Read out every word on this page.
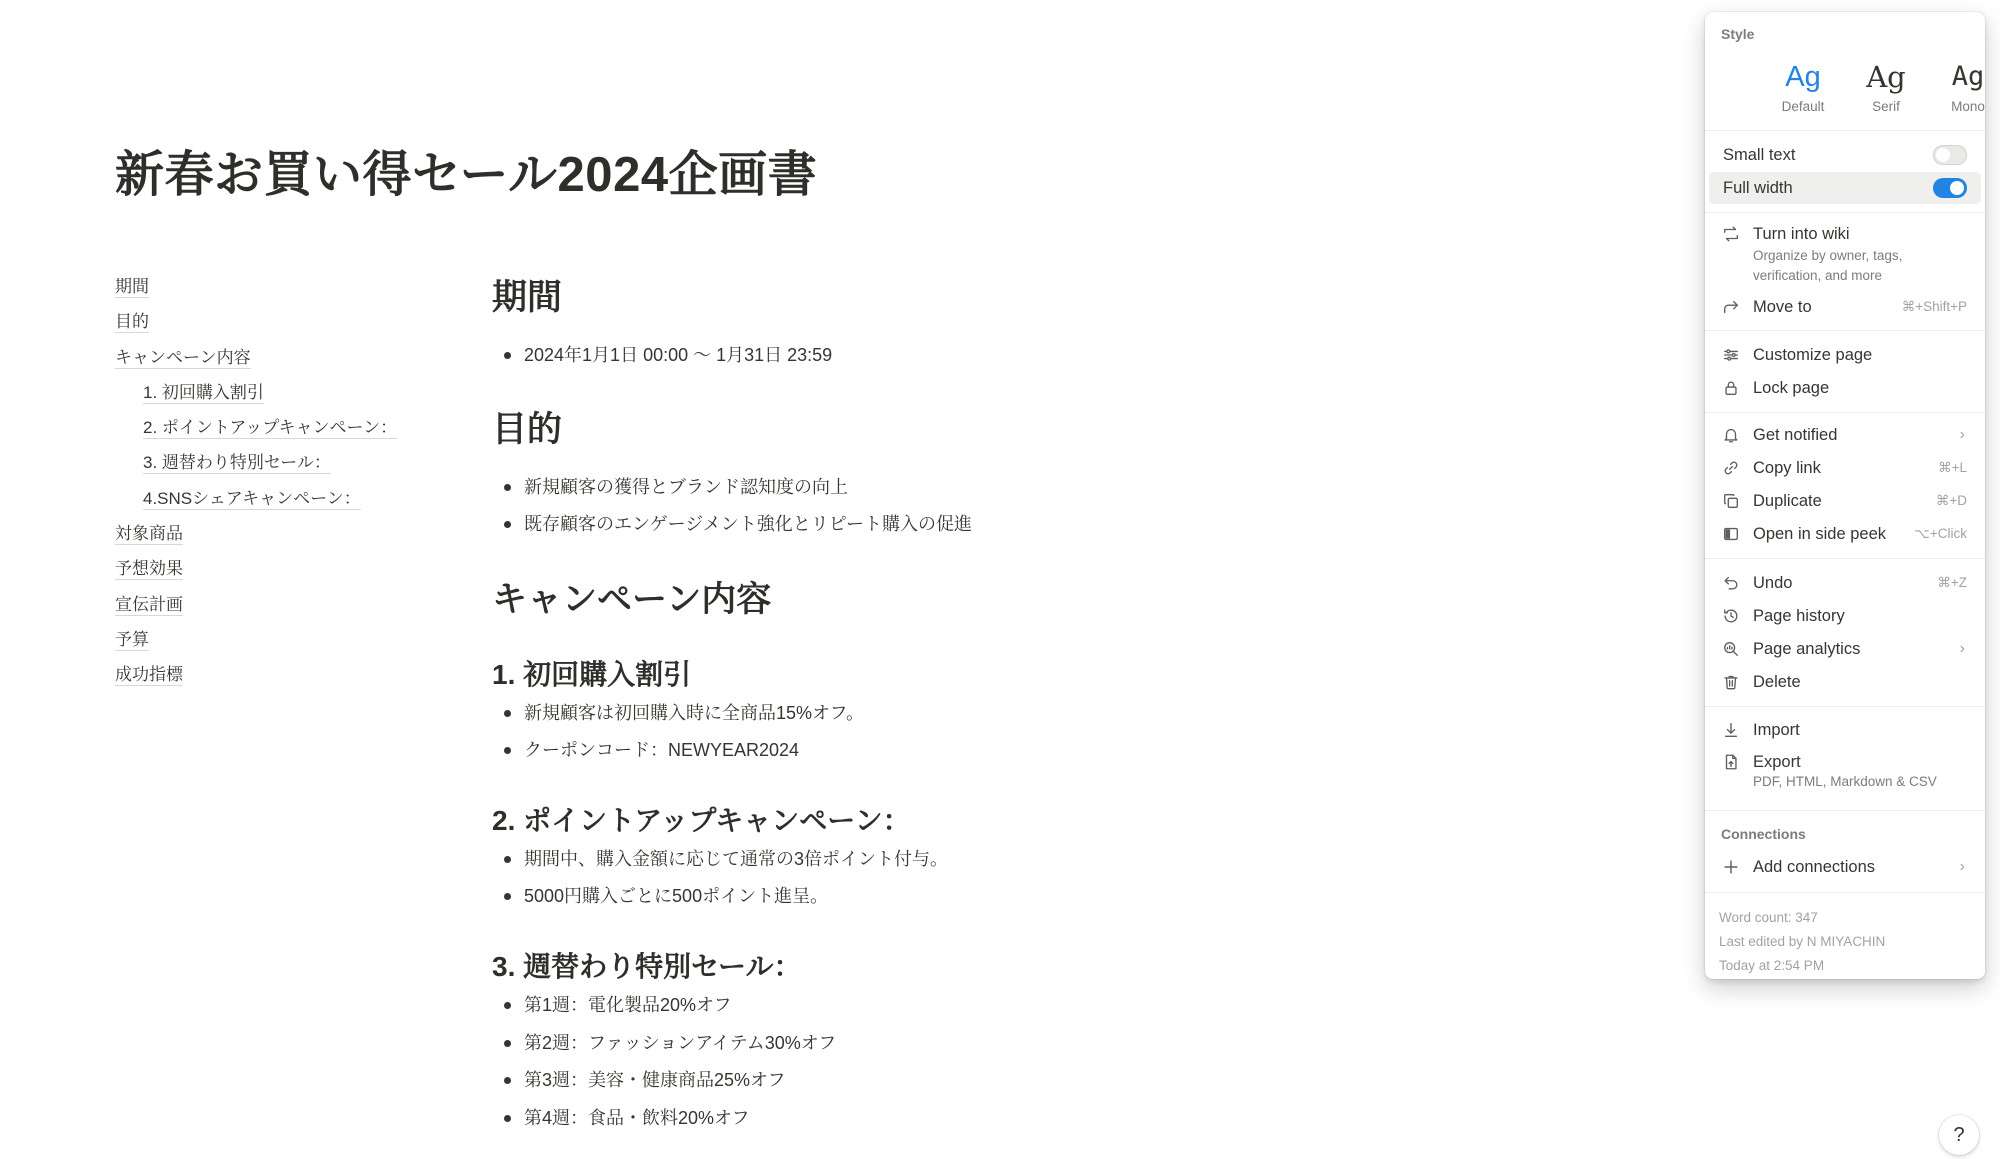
新春お買い得セール2024企画書
期間
目的
キャンペーン内容
1. 初回購入割引
2. ポイントアップキャンペーン：
3. 週替わり特別セール：
4.SNSシェアキャンペーン：
対象商品
予想効果
宣伝計画
予算
成功指標
期間
2024年1月1日 00:00 〜 1月31日 23:59
目的
新規顧客の獲得とブランド認知度の向上
既存顧客のエンゲージメント強化とリピート購入の促進
キャンペーン内容
1. 初回購入割引
新規顧客は初回購入時に全商品15%オフ。
クーポンコード：NEWYEAR2024
2. ポイントアップキャンペーン：
期間中、購入金額に応じて通常の3倍ポイント付与。
5000円購入ごとに500ポイント進呈。
3. 週替わり特別セール：
第1週：電化製品20%オフ
第2週：ファッションアイテム30%オフ
第3週：美容・健康商品25%オフ
第4週：食品・飲料20%オフ
Style
Ag
Default
Ag
Serif
Ag
Mono
Small text
Full width
Turn into wiki
Organize by owner, tags, verification, and more
Move to	⌘+Shift+P
Customize page
Lock page
Get notified	›
Copy link	⌘+L
Duplicate	⌘+D
Open in side peek	⌥+Click
Undo	⌘+Z
Page history
Page analytics	›
Delete
Import
Export
PDF, HTML, Markdown & CSV
Connections
Add connections	›
Word count: 347
Last edited by N MIYACHIN
Today at 2:54 PM
?
